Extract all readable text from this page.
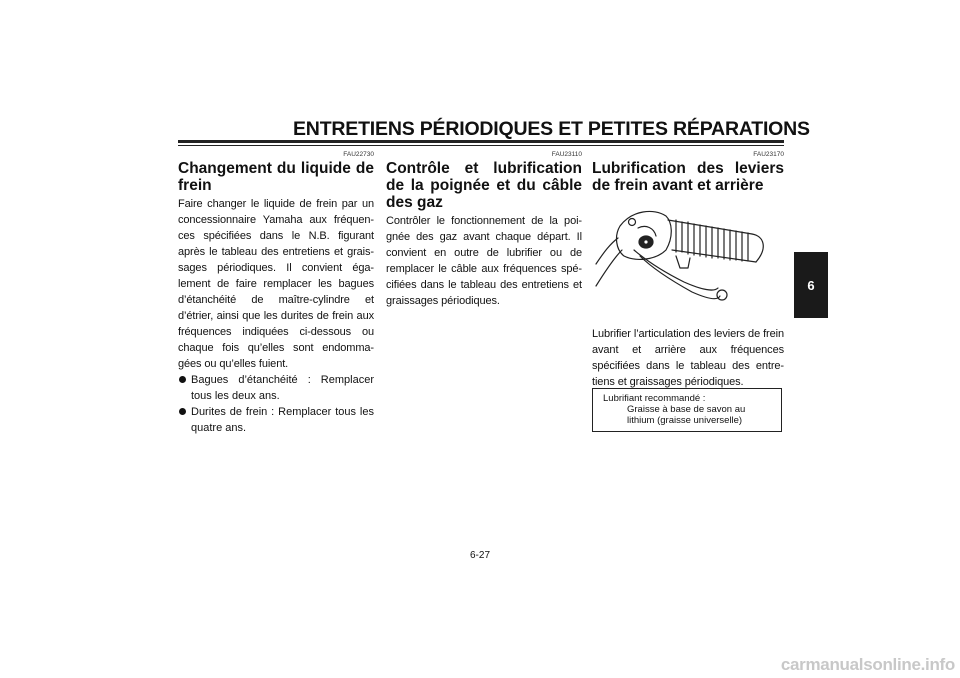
ENTRETIENS PÉRIODIQUES ET PETITES RÉPARATIONS
FAU22730
Changement du liquide de frein

Faire changer le liquide de frein par un concessionnaire Yamaha aux fréquen-ces spécifiées dans le N.B. figurant après le tableau des entretiens et grais-sages périodiques. Il convient éga-lement de faire remplacer les bagues d’étanchéité de maître-cylindre et d’étrier, ainsi que les durites de frein aux fréquences indiquées ci-dessous ou chaque fois qu’elles sont endomma-gées ou qu’elles fuient.

Bagues d’étanchéité : Remplacer tous les deux ans.
Durites de frein : Remplacer tous les quatre ans.
FAU23110
Contrôle et lubrification de la poignée et du câble des gaz

Contrôler le fonctionnement de la poi-gnée des gaz avant chaque départ. Il convient en outre de lubrifier ou de remplacer le câble aux fréquences spé-cifiées dans le tableau des entretiens et graissages périodiques.

FAU23170
Lubrification des leviers de frein avant et arrière

Lubrifier l’articulation des leviers de frein avant et arrière aux fréquences spécifiées dans le tableau des entre-tiens et graissages périodiques.

Lubrifiant recommandé :
Graisse à base de savon au
lithium (graisse universelle)
6
6-27
carmanualsonline.info
